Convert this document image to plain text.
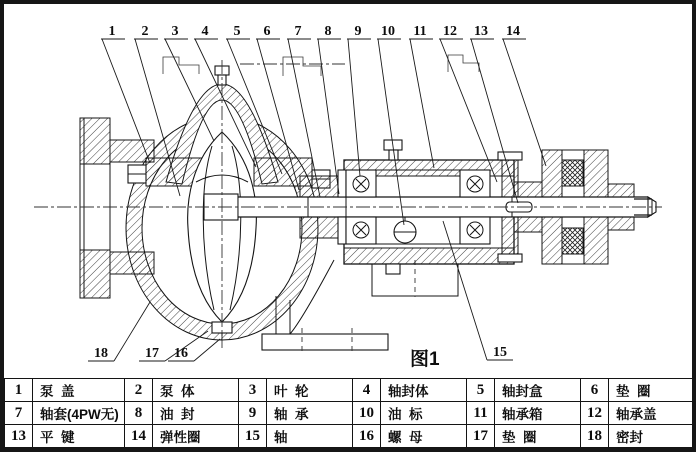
1 2 3 4 5 6 7 8 9 10 11 12 13 14
18	17 16	15
图1
1	泵  盖	2	泵  体	3	叶  轮	4	轴封体	5	轴封盒	6	垫  圈
7	轴套(4PW无)	8	油  封	9	轴  承	10	油  标	11	轴承箱	12	轴承盖
13	平  键	14	弹性圈	15	轴	16	螺  母	17	垫  圈	18	密封
